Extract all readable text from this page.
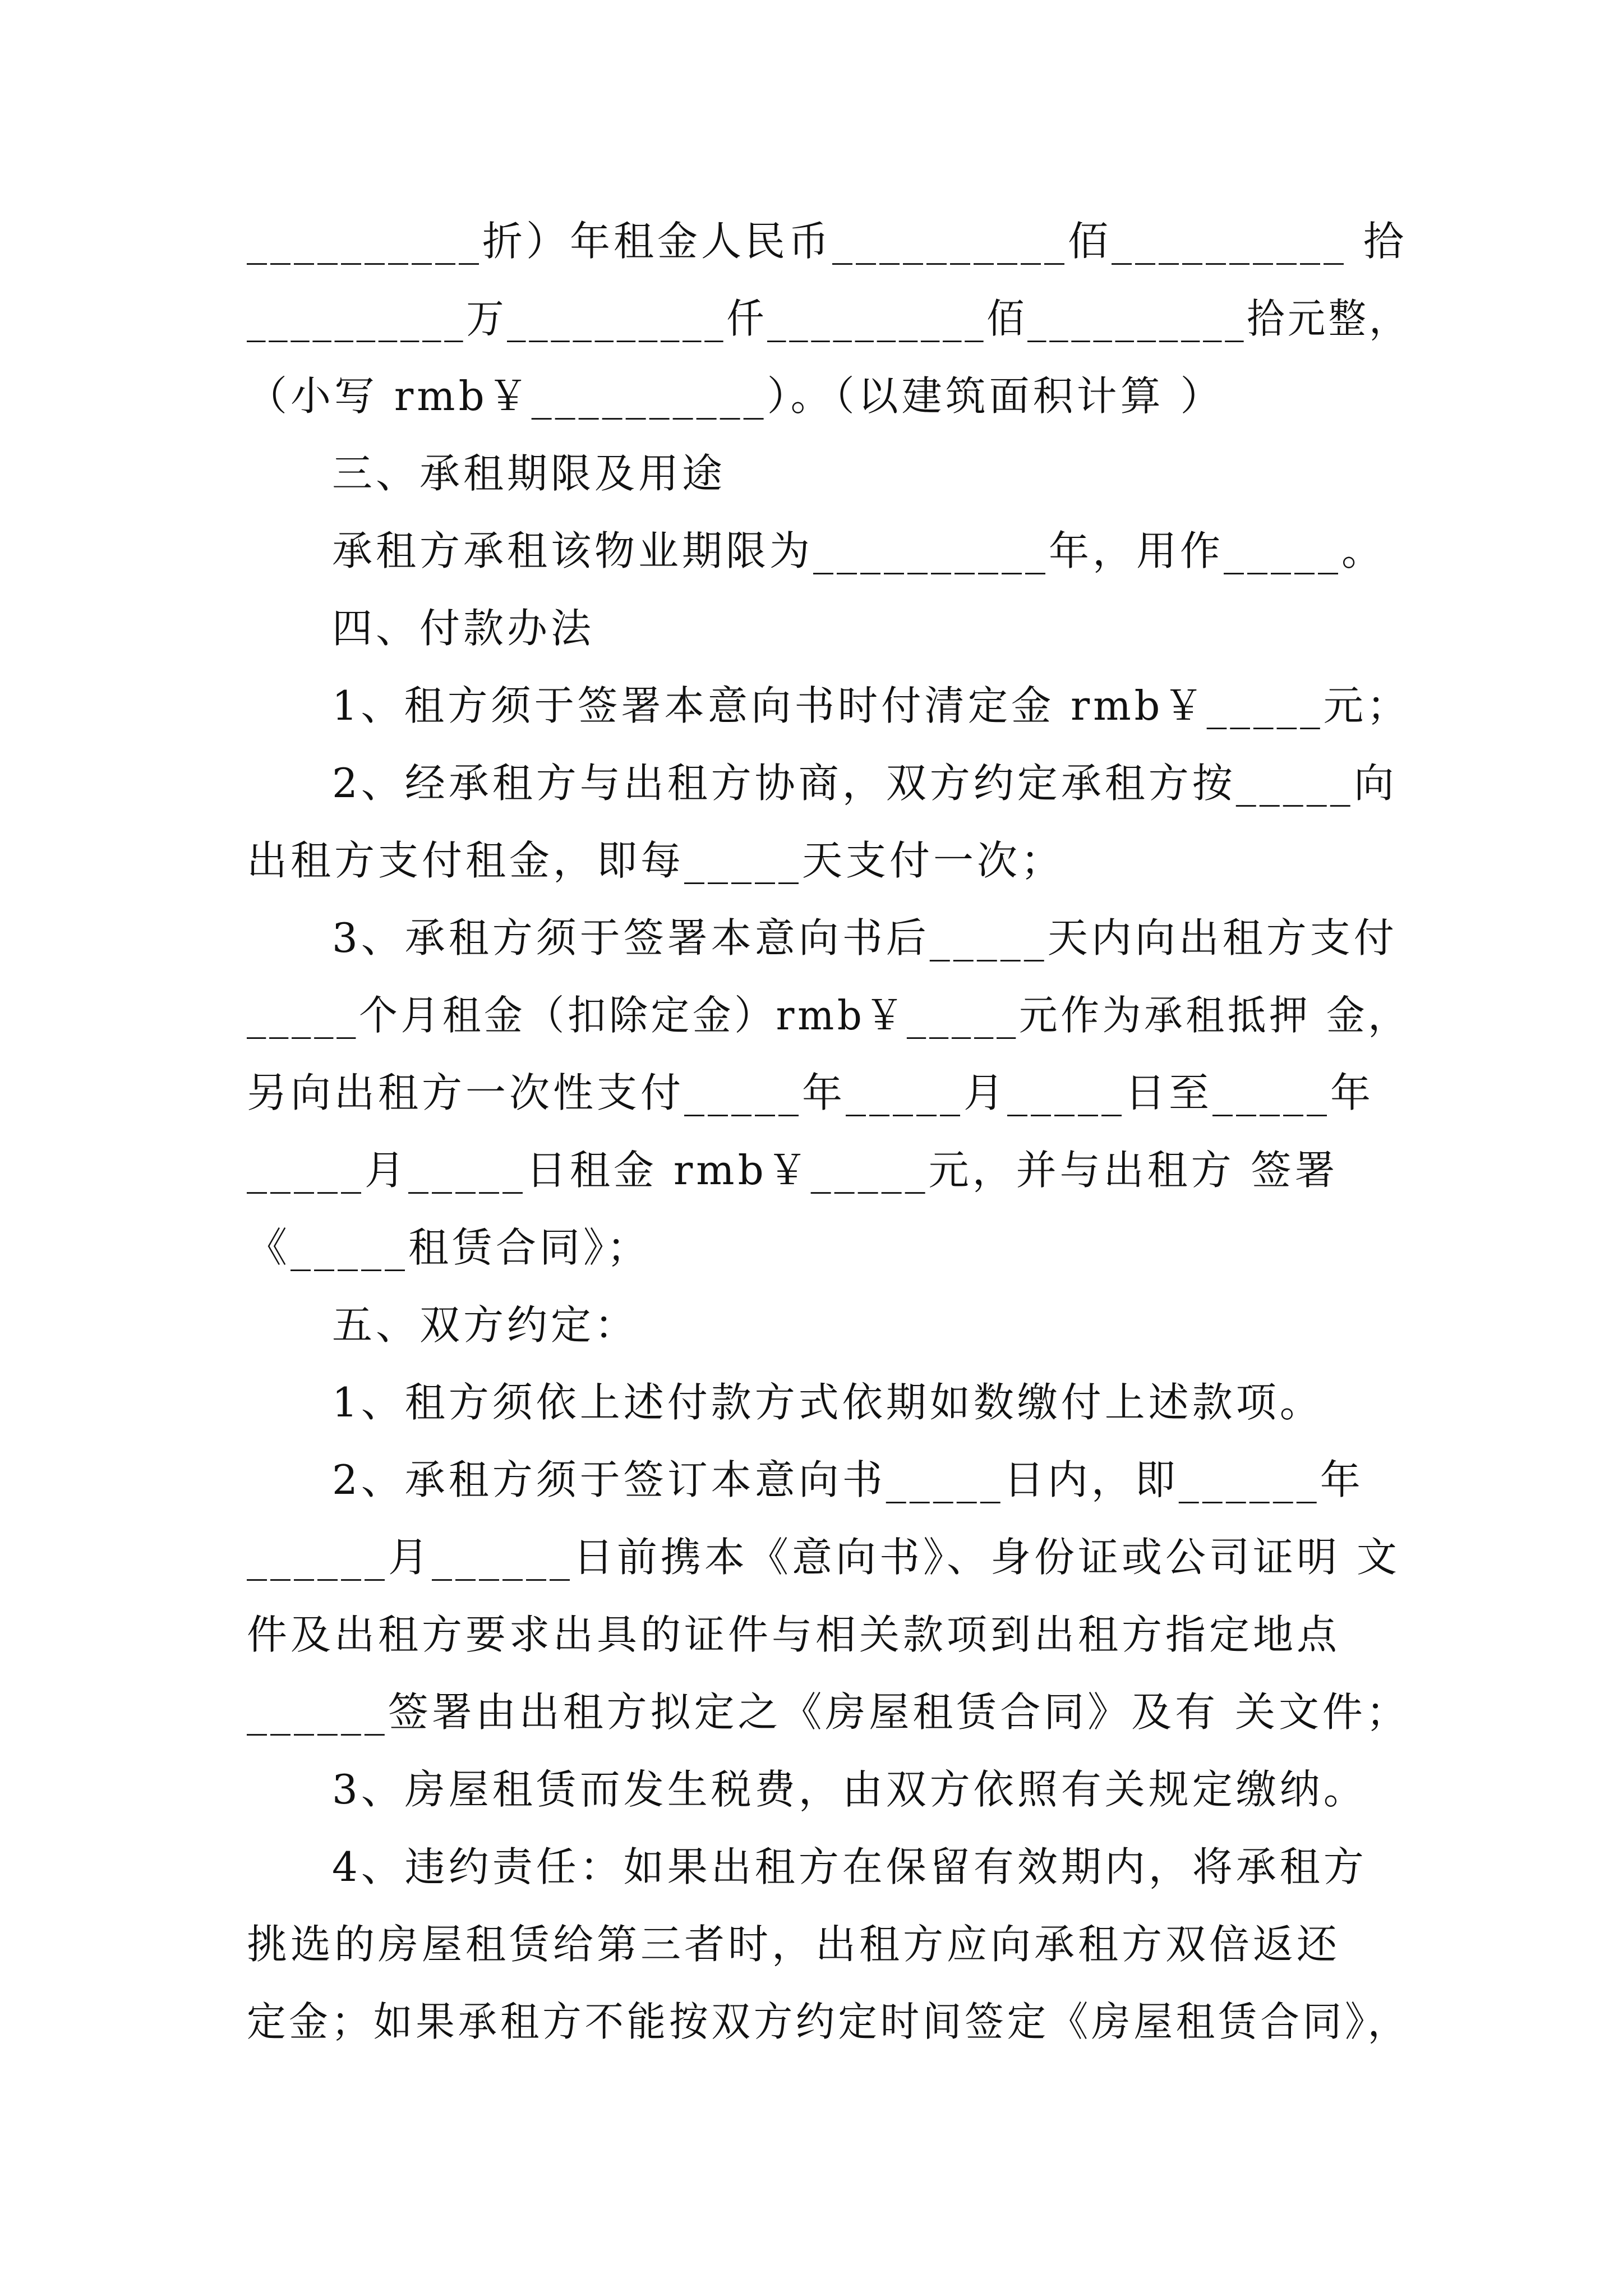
__________折）年租金人民币__________佰__________ 拾
__________万__________仟__________佰__________拾元整，
（小写 rmb￥__________）。（以建筑面积计算 ）
三、承租期限及用途
承租方承租该物业期限为__________年，用作_____。
四、付款办法
1、租方须于签署本意向书时付清定金 rmb￥_____元；
2、经承租方与出租方协商，双方约定承租方按_____向
出租方支付租金，即每_____天支付一次；
3、承租方须于签署本意向书后_____天内向出租方支付
_____个月租金（扣除定金）rmb￥_____元作为承租抵押 金，
另向出租方一次性支付_____年_____月_____日至_____年
_____月_____日租金 rmb￥_____元，并与出租方 签署
《_____租赁合同》；
五、双方约定：
1、租方须依上述付款方式依期如数缴付上述款项。
2、承租方须于签订本意向书_____日内，即______年
______月______日前携本《意向书》、身份证或公司证明 文
件及出租方要求出具的证件与相关款项到出租方指定地点
______签署由出租方拟定之《房屋租赁合同》及有 关文件；
3、房屋租赁而发生税费，由双方依照有关规定缴纳。
4、违约责任：如果出租方在保留有效期内，将承租方
挑选的房屋租赁给第三者时，出租方应向承租方双倍返还
定金；如果承租方不能按双方约定时间签定《房屋租赁合同》，
